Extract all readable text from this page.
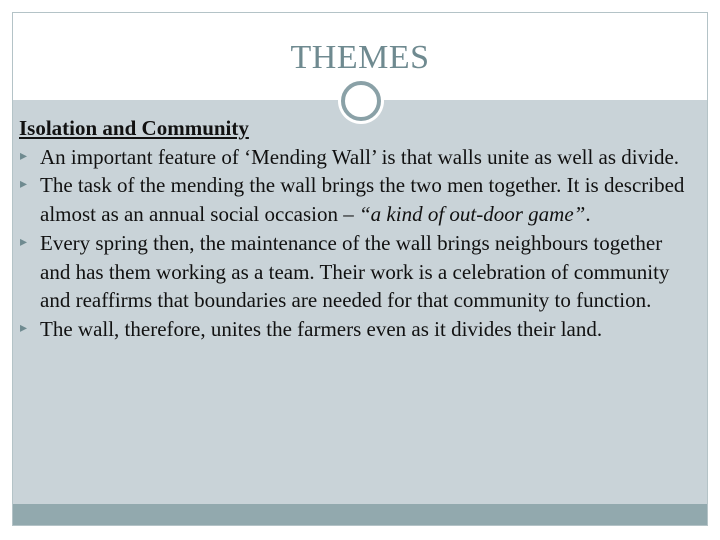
THEMES
Isolation and Community
▸ An important feature of ‘Mending Wall’ is that walls unite as well as divide.
▸ The task of the mending the wall brings the two men together. It is described almost as an annual social occasion – “a kind of out-door game”.
▸ Every spring then, the maintenance of the wall brings neighbours together and has them working as a team. Their work is a celebration of community and reaffirms that boundaries are needed for that community to function.
▸ The wall, therefore, unites the farmers even as it divides their land.
